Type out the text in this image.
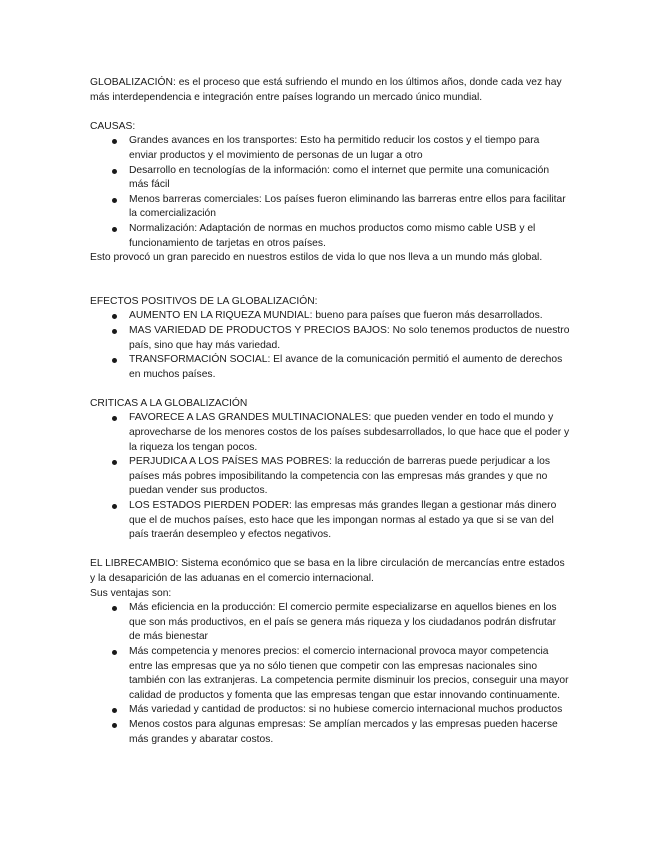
GLOBALIZACIÓN: es el proceso que está sufriendo el mundo en los últimos años, donde cada vez hay más interdependencia e integración entre países logrando un mercado único mundial.

CAUSAS:

Grandes avances en los transportes: Esto ha permitido reducir los costos y el tiempo para enviar productos y el movimiento de personas de un lugar a otro
Desarrollo en tecnologías de la información: como el internet que permite una comunicación más fácil
Menos barreras comerciales: Los países fueron eliminando las barreras entre ellos para facilitar la comercialización
Normalización: Adaptación de normas en muchos productos como mismo cable USB y el funcionamiento de tarjetas en otros países.

Esto provocó un gran parecido en nuestros estilos de vida lo que nos lleva a un mundo más global.

EFECTOS POSITIVOS DE LA GLOBALIZACIÓN:

AUMENTO EN LA RIQUEZA MUNDIAL: bueno para países que fueron más desarrollados.
MAS VARIEDAD DE PRODUCTOS Y PRECIOS BAJOS: No solo tenemos productos de nuestro país, sino que hay más variedad.
TRANSFORMACIÓN SOCIAL: El avance de la comunicación permitió el aumento de derechos en muchos países.

CRITICAS A LA GLOBALIZACIÓN

FAVORECE A LAS GRANDES MULTINACIONALES: que pueden vender en todo el mundo y aprovecharse de los menores costos de los países subdesarrollados, lo que hace que el poder y la riqueza los tengan pocos.
PERJUDICA A LOS PAÍSES MAS POBRES: la reducción de barreras puede perjudicar a los países más pobres imposibilitando la competencia con las empresas más grandes y que no puedan vender sus productos.
LOS ESTADOS PIERDEN PODER: las empresas más grandes llegan a gestionar más dinero que el de muchos países, esto hace que les impongan normas al estado ya que si se van del país traerán desempleo y efectos negativos.

EL LIBRECAMBIO: Sistema económico que se basa en la libre circulación de mercancías entre estados y la desaparición de las aduanas en el comercio internacional.

Sus ventajas son:

Más eficiencia en la producción: El comercio permite especializarse en aquellos bienes en los que son más productivos, en el país se genera más riqueza y los ciudadanos podrán disfrutar de más bienestar
Más competencia y menores precios: el comercio internacional provoca mayor competencia entre las empresas que ya no sólo tienen que competir con las empresas nacionales sino también con las extranjeras. La competencia permite disminuir los precios, conseguir una mayor calidad de productos y fomenta que las empresas tengan que estar innovando continuamente.
Más variedad y cantidad de productos: si no hubiese comercio internacional muchos productos
Menos costos para algunas empresas: Se amplían mercados y las empresas pueden hacerse más grandes y abaratar costos.
